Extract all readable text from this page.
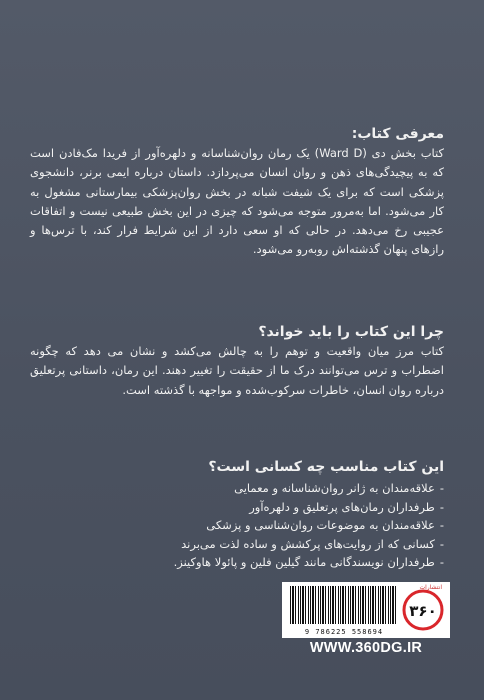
معرفی کتاب:

کتاب بخش دی (Ward D) یک رمان روان‌شناسانه و دلهره‌آور از فریدا مک‌فادن است که به پیچیدگی‌های ذهن و روان انسان می‌پردازد. داستان درباره ایمی برنر، دانشجوی پزشکی است که برای یک شیفت شبانه در بخش روان‌پزشکی بیمارستانی مشغول به کار می‌شود. اما به‌مرور متوجه می‌شود که چیزی در این بخش طبیعی نیست و اتفاقات عجیبی رخ می‌دهد. در حالی که او سعی دارد از این شرایط فرار کند، با ترس‌ها و رازهای پنهان گذشته‌اش روبه‌رو می‌شود.

چرا این کتاب را باید خواند؟

کتاب مرز میان واقعیت و توهم را به چالش می‌کشد و نشان می دهد که چگونه اضطراب و ترس می‌توانند درک ما از حقیقت را تغییر دهند. این رمان، داستانی پرتعلیق درباره روان انسان، خاطرات سرکوب‌شده و مواجهه با گذشته است.

این کتاب مناسب چه کسانی است؟
-علاقه‌مندان به ژانر روان‌شناسانه و معمایی
-طرفداران رمان‌های پرتعلیق و دلهره‌آور
-علاقه‌مندان به موضوعات روان‌شناسی و پزشکی
-کسانی که از روایت‌های پرکشش و ساده لذت می‌برند
-طرفداران نویسندگانی مانند گیلین فلین و پائولا هاوکینز.
9 786225 558694
انتشارات
۳۶۰
WWW.360DG.IR
